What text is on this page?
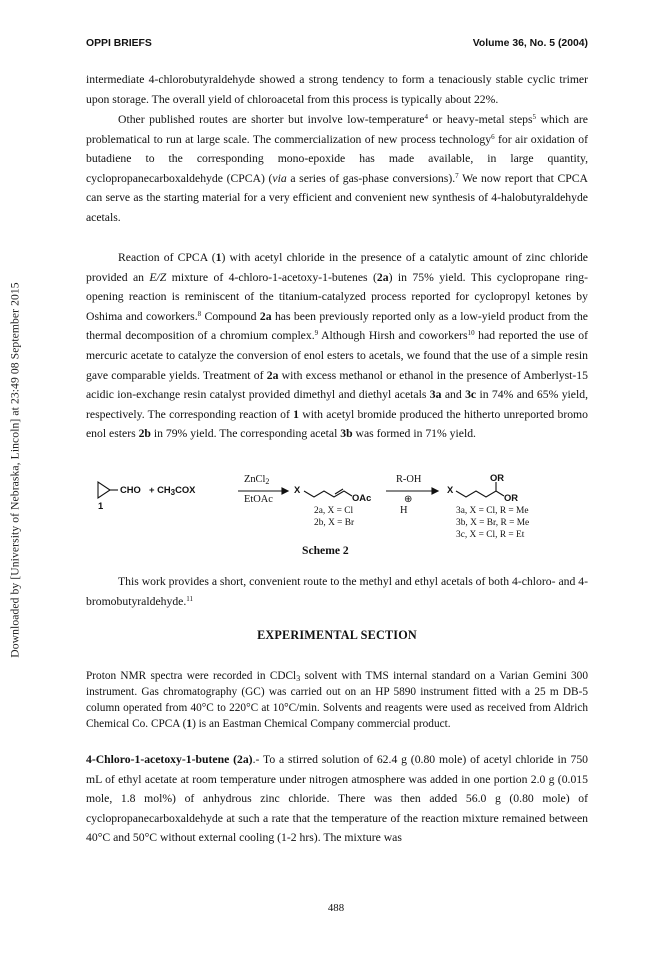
Downloaded by [University of Nebraska, Lincoln] at 23:49 08 September 2015
OPPI BRIEFS	Volume 36, No. 5 (2004)

intermediate 4-chlorobutyraldehyde showed a strong tendency to form a tenaciously stable cyclic trimer upon storage. The overall yield of chloroacetal from this process is typically about 22%.

Other published routes are shorter but involve low-temperature$^4$ or heavy-metal steps$^5$ which are problematical to run at large scale. The commercialization of new process technology$^6$ for air oxidation of butadiene to the corresponding mono-epoxide has made available, in large quantity, cyclopropanecarboxaldehyde (CPCA) (via a series of gas-phase conversions).$^7$ We now report that CPCA can serve as the starting material for a very efficient and convenient new synthesis of 4-halobutyraldehyde acetals.

Reaction of CPCA (1) with acetyl chloride in the presence of a catalytic amount of zinc chloride provided an E/Z mixture of 4-chloro-1-acetoxy-1-butenes (2a) in 75% yield. This cyclopropane ring-opening reaction is reminiscent of the titanium-catalyzed process reported for cyclopropyl ketones by Oshima and coworkers.$^8$ Compound 2a has been previously reported only as a low-yield product from the thermal decomposition of a chromium complex.$^9$ Although Hirsh and coworkers$^{10}$ had reported the use of mercuric acetate to catalyze the conversion of enol esters to acetals, we found that the use of a simple resin gave comparable yields. Treatment of 2a with excess methanol or ethanol in the presence of Amberlyst-15 acidic ion-exchange resin catalyst provided dimethyl and diethyl acetals 3a and 3c in 74% and 65% yield, respectively. The corresponding reaction of 1 with acetyl bromide produced the hitherto unreported bromo enol esters 2b in 79% yield. The corresponding acetal 3b was formed in 71% yield.

CHO + $CH_3COX$
1
ZnCl$_2$
EtOAc
X
OAc
2a, X = Cl
2b, X = Br
R-OH
⊕
H
X
OR
OR
3a, X = Cl, R = Me
3b, X = Br, R = Me
3c, X = Cl, R = Et
Scheme 2

This work provides a short, convenient route to the methyl and ethyl acetals of both 4-chloro- and 4-bromobutyraldehyde.$^{11}$

EXPERIMENTAL SECTION

Proton NMR spectra were recorded in CDCl$_3$ solvent with TMS internal standard on a Varian Gemini 300 instrument. Gas chromatography (GC) was carried out on an HP 5890 instrument fitted with a 25 m DB-5 column operated from 40°C to 220°C at 10°C/min. Solvents and reagents were used as received from Aldrich Chemical Co. CPCA (1) is an Eastman Chemical Company commercial product.

4-Chloro-1-acetoxy-1-butene (2a).- To a stirred solution of 62.4 g (0.80 mole) of acetyl chloride in 750 mL of ethyl acetate at room temperature under nitrogen atmosphere was added in one portion 2.0 g (0.015 mole, 1.8 mol%) of anhydrous zinc chloride. There was then added 56.0 g (0.80 mole) of cyclopropanecarboxaldehyde at such a rate that the temperature of the reaction mixture remained between 40°C and 50°C without external cooling (1-2 hrs). The mixture was

488
